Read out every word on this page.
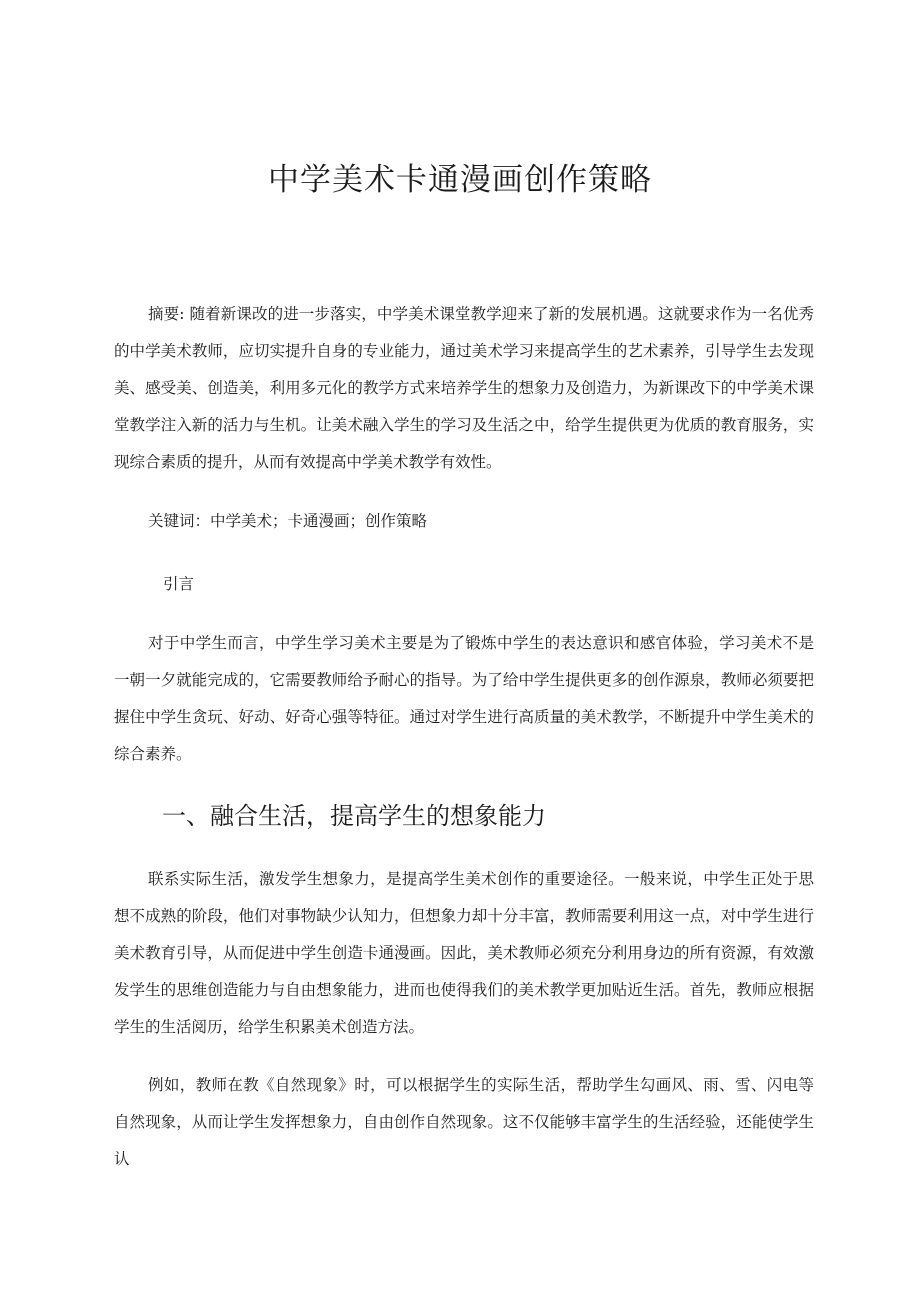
中学美术卡通漫画创作策略

摘要: 随着新课改的进一步落实，中学美术课堂教学迎来了新的发展机遇。这就要求作为一名优秀的中学美术教师，应切实提升自身的专业能力，通过美术学习来提高学生的艺术素养，引导学生去发现美、感受美、创造美，利用多元化的教学方式来培养学生的想象力及创造力，为新课改下的中学美术课堂教学注入新的活力与生机。让美术融入学生的学习及生活之中，给学生提供更为优质的教育服务，实现综合素质的提升，从而有效提高中学美术教学有效性。

关键词：中学美术；卡通漫画；创作策略

引言

对于中学生而言，中学生学习美术主要是为了锻炼中学生的表达意识和感官体验，学习美术不是一朝一夕就能完成的，它需要教师给予耐心的指导。为了给中学生提供更多的创作源泉，教师必须要把握住中学生贪玩、好动、好奇心强等特征。通过对学生进行高质量的美术教学，不断提升中学生美术的综合素养。

一、融合生活，提高学生的想象能力

联系实际生活，激发学生想象力，是提高学生美术创作的重要途径。一般来说，中学生正处于思想不成熟的阶段，他们对事物缺少认知力，但想象力却十分丰富，教师需要利用这一点，对中学生进行美术教育引导，从而促进中学生创造卡通漫画。因此，美术教师必须充分利用身边的所有资源，有效激发学生的思维创造能力与自由想象能力，进而也使得我们的美术教学更加贴近生活。首先，教师应根据学生的生活阅历，给学生积累美术创造方法。

例如，教师在教《自然现象》时，可以根据学生的实际生活，帮助学生勾画风、雨、雪、闪电等自然现象，从而让学生发挥想象力，自由创作自然现象。这不仅能够丰富学生的生活经验，还能使学生认
